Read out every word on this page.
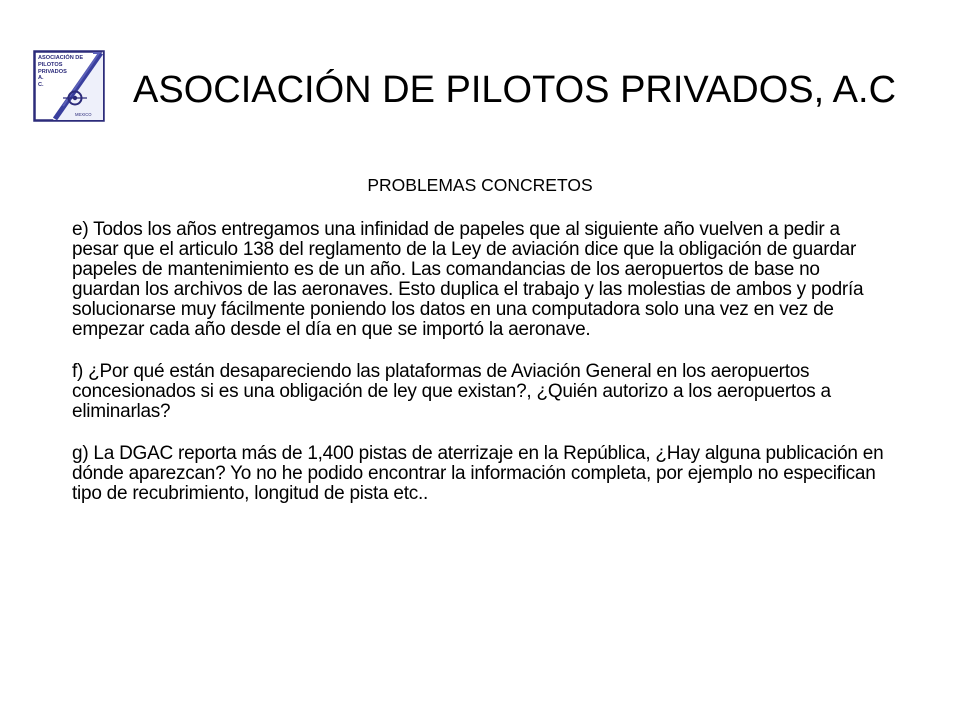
ASOCIACIÓN DE
PILOTOS
PRIVADOS
A.
C.
MEXICO
ASOCIACIÓN DE PILOTOS PRIVADOS, A.C
PROBLEMAS CONCRETOS

e) Todos los años entregamos una infinidad de papeles que al siguiente año vuelven a pedir a pesar que el articulo 138 del reglamento de la Ley de aviación dice que la obligación de guardar papeles de mantenimiento es de un año. Las comandancias de los aeropuertos de base no guardan los archivos de las aeronaves. Esto duplica el trabajo y las molestias de ambos y podría solucionarse muy fácilmente poniendo los datos en una computadora solo una vez en vez de empezar cada año desde el día en que se importó la aeronave.

f) ¿Por qué están desapareciendo las plataformas de Aviación General en los aeropuertos concesionados si es una obligación de ley que existan?, ¿Quién autorizo a los aeropuertos a eliminarlas?

g) La DGAC reporta más de 1,400 pistas de aterrizaje en la República, ¿Hay alguna publicación en dónde aparezcan? Yo no he podido encontrar la información completa, por ejemplo no especifican tipo de recubrimiento, longitud de pista etc..
